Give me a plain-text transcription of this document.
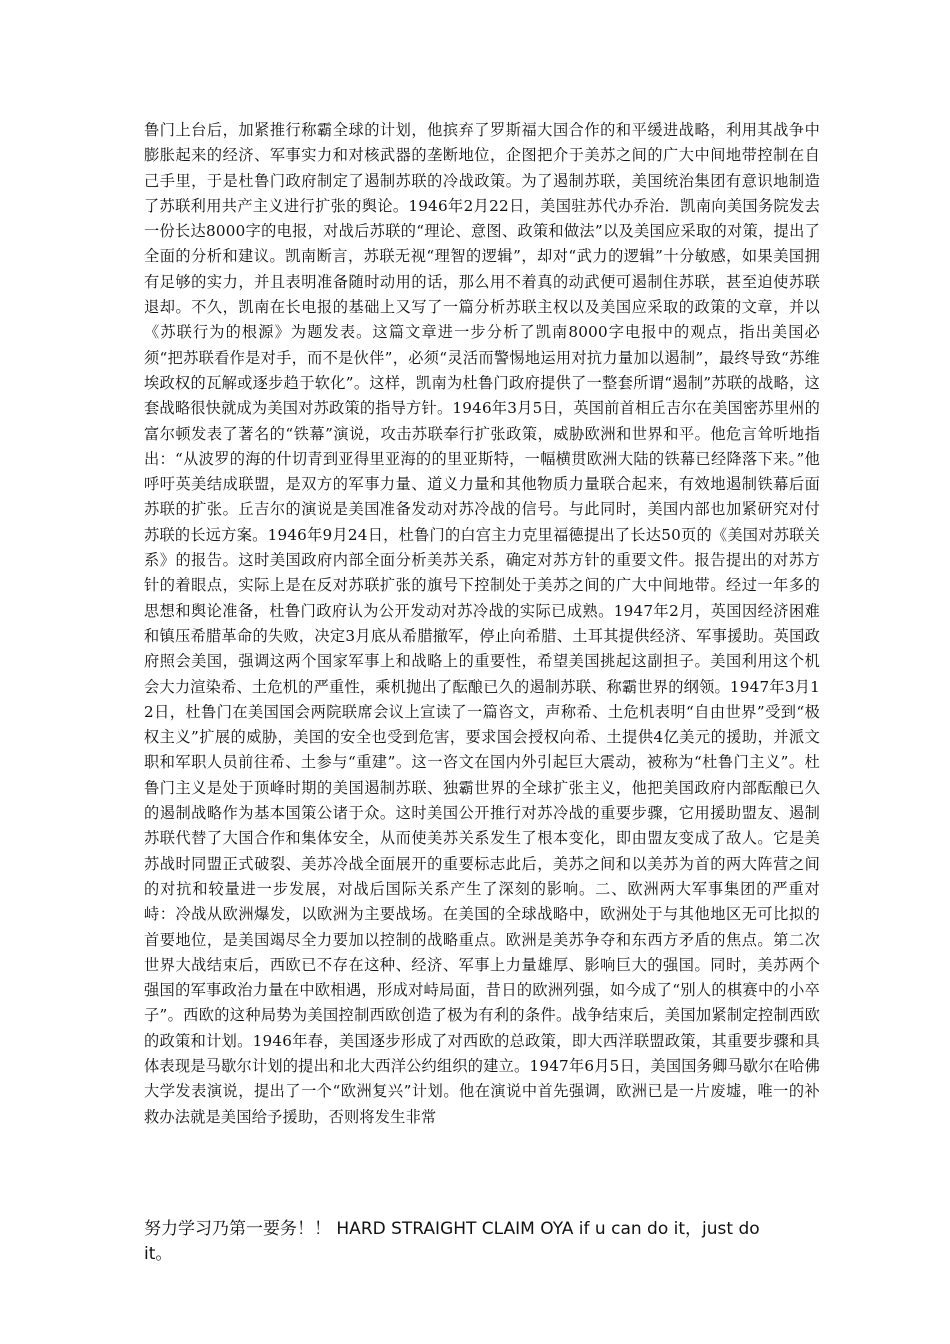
鲁门上台后，加紧推行称霸全球的计划，他摈弃了罗斯福大国合作的和平缓进战略，利用其战争中膨胀起来的经济、军事实力和对核武器的垄断地位，企图把介于美苏之间的广大中间地带控制在自己手里，于是杜鲁门政府制定了遏制苏联的冷战政策。为了遏制苏联，美国统治集团有意识地制造了苏联利用共产主义进行扩张的舆论。1946年2月22日，美国驻苏代办乔治．凯南向美国务院发去一份长达8000字的电报，对战后苏联的“理论、意图、政策和做法”以及美国应采取的对策，提出了全面的分析和建议。凯南断言，苏联无视“理智的逻辑”，却对“武力的逻辑”十分敏感，如果美国拥有足够的实力，并且表明准备随时动用的话，那么用不着真的动武便可遏制住苏联，甚至迫使苏联退却。不久，凯南在长电报的基础上又写了一篇分析苏联主权以及美国应采取的政策的文章，并以《苏联行为的根源》为题发表。这篇文章进一步分析了凯南8000字电报中的观点，指出美国必须“把苏联看作是对手，而不是伙伴”，必须“灵活而警惕地运用对抗力量加以遏制”，最终导致“苏维埃政权的瓦解或逐步趋于软化”。这样，凯南为杜鲁门政府提供了一整套所谓“遏制”苏联的战略，这套战略很快就成为美国对苏政策的指导方针。1946年3月5日，英国前首相丘吉尔在美国密苏里州的富尔顿发表了著名的“铁幕”演说，攻击苏联奉行扩张政策，威胁欧洲和世界和平。他危言耸听地指出：“从波罗的海的什切青到亚得里亚海的的里亚斯特，一幅横贯欧洲大陆的铁幕已经降落下来。”他呼吁英美结成联盟，是双方的军事力量、道义力量和其他物质力量联合起来，有效地遏制铁幕后面苏联的扩张。丘吉尔的演说是美国准备发动对苏冷战的信号。与此同时，美国内部也加紧研究对付苏联的长远方案。1946年9月24日，杜鲁门的白宫主力克里福德提出了长达50页的《美国对苏联关系》的报告。这时美国政府内部全面分析美苏关系，确定对苏方针的重要文件。报告提出的对苏方针的着眼点，实际上是在反对苏联扩张的旗号下控制处于美苏之间的广大中间地带。经过一年多的思想和舆论准备，杜鲁门政府认为公开发动对苏冷战的实际已成熟。1947年2月，英国因经济困难和镇压希腊革命的失败，决定3月底从希腊撤军，停止向希腊、土耳其提供经济、军事援助。英国政府照会美国，强调这两个国家军事上和战略上的重要性，希望美国挑起这副担子。美国利用这个机会大力渲染希、土危机的严重性，乘机抛出了酝酿已久的遏制苏联、称霸世界的纲领。1947年3月12日，杜鲁门在美国国会两院联席会议上宣读了一篇咨文，声称希、土危机表明“自由世界”受到“极权主义”扩展的威胁，美国的安全也受到危害，要求国会授权向希、土提供4亿美元的援助，并派文职和军职人员前往希、土参与“重建”。这一咨文在国内外引起巨大震动，被称为“杜鲁门主义”。杜鲁门主义是处于顶峰时期的美国遏制苏联、独霸世界的全球扩张主义，他把美国政府内部酝酿已久的遏制战略作为基本国策公诸于众。这时美国公开推行对苏冷战的重要步骤，它用援助盟友、遏制苏联代替了大国合作和集体安全，从而使美苏关系发生了根本变化，即由盟友变成了敌人。它是美苏战时同盟正式破裂、美苏冷战全面展开的重要标志此后，美苏之间和以美苏为首的两大阵营之间的对抗和较量进一步发展，对战后国际关系产生了深刻的影响。二、欧洲两大军事集团的严重对峙：冷战从欧洲爆发，以欧洲为主要战场。在美国的全球战略中，欧洲处于与其他地区无可比拟的首要地位，是美国竭尽全力要加以控制的战略重点。欧洲是美苏争夺和东西方矛盾的焦点。第二次世界大战结束后，西欧已不存在这种、经济、军事上力量雄厚、影响巨大的强国。同时，美苏两个强国的军事政治力量在中欧相遇，形成对峙局面，昔日的欧洲列强，如今成了“别人的棋赛中的小卒子”。西欧的这种局势为美国控制西欧创造了极为有利的条件。战争结束后，美国加紧制定控制西欧的政策和计划。1946年春，美国逐步形成了对西欧的总政策，即大西洋联盟政策，其重要步骤和具体表现是马歇尔计划的提出和北大西洋公约组织的建立。1947年6月5日，美国国务卿马歇尔在哈佛大学发表演说，提出了一个“欧洲复兴”计划。他在演说中首先强调，欧洲已是一片废墟，唯一的补救办法就是美国给予援助，否则将发生非常

努力学习乃第一要务！！ HARD STRAIGHT CLAIM OYA if u can do it，just do it。
